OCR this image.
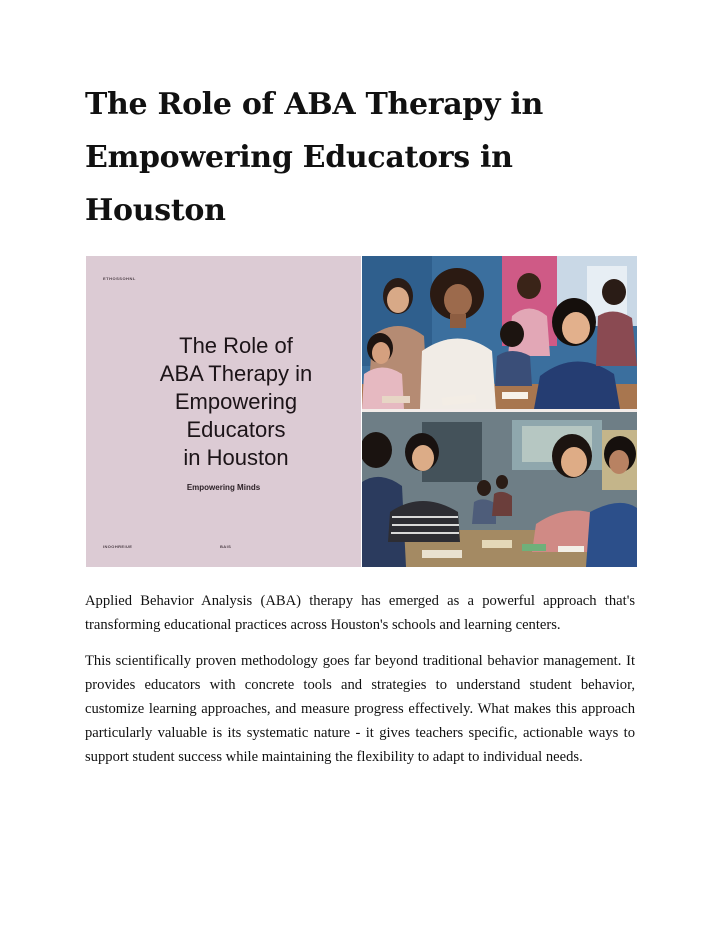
The Role of ABA Therapy in Empowering Educators in Houston
ETHOSSOHNL
The Role of
ABA Therapy in
Empowering
Educators
in Houston
Empowering Minds
INOOHREIUE	BAIS

Applied Behavior Analysis (ABA) therapy has emerged as a powerful approach that's transforming educational practices across Houston's schools and learning centers.

This scientifically proven methodology goes far beyond traditional behavior management. It provides educators with concrete tools and strategies to understand student behavior, customize learning approaches, and measure progress effectively. What makes this approach particularly valuable is its systematic nature - it gives teachers specific, actionable ways to support student success while maintaining the flexibility to adapt to individual needs.
